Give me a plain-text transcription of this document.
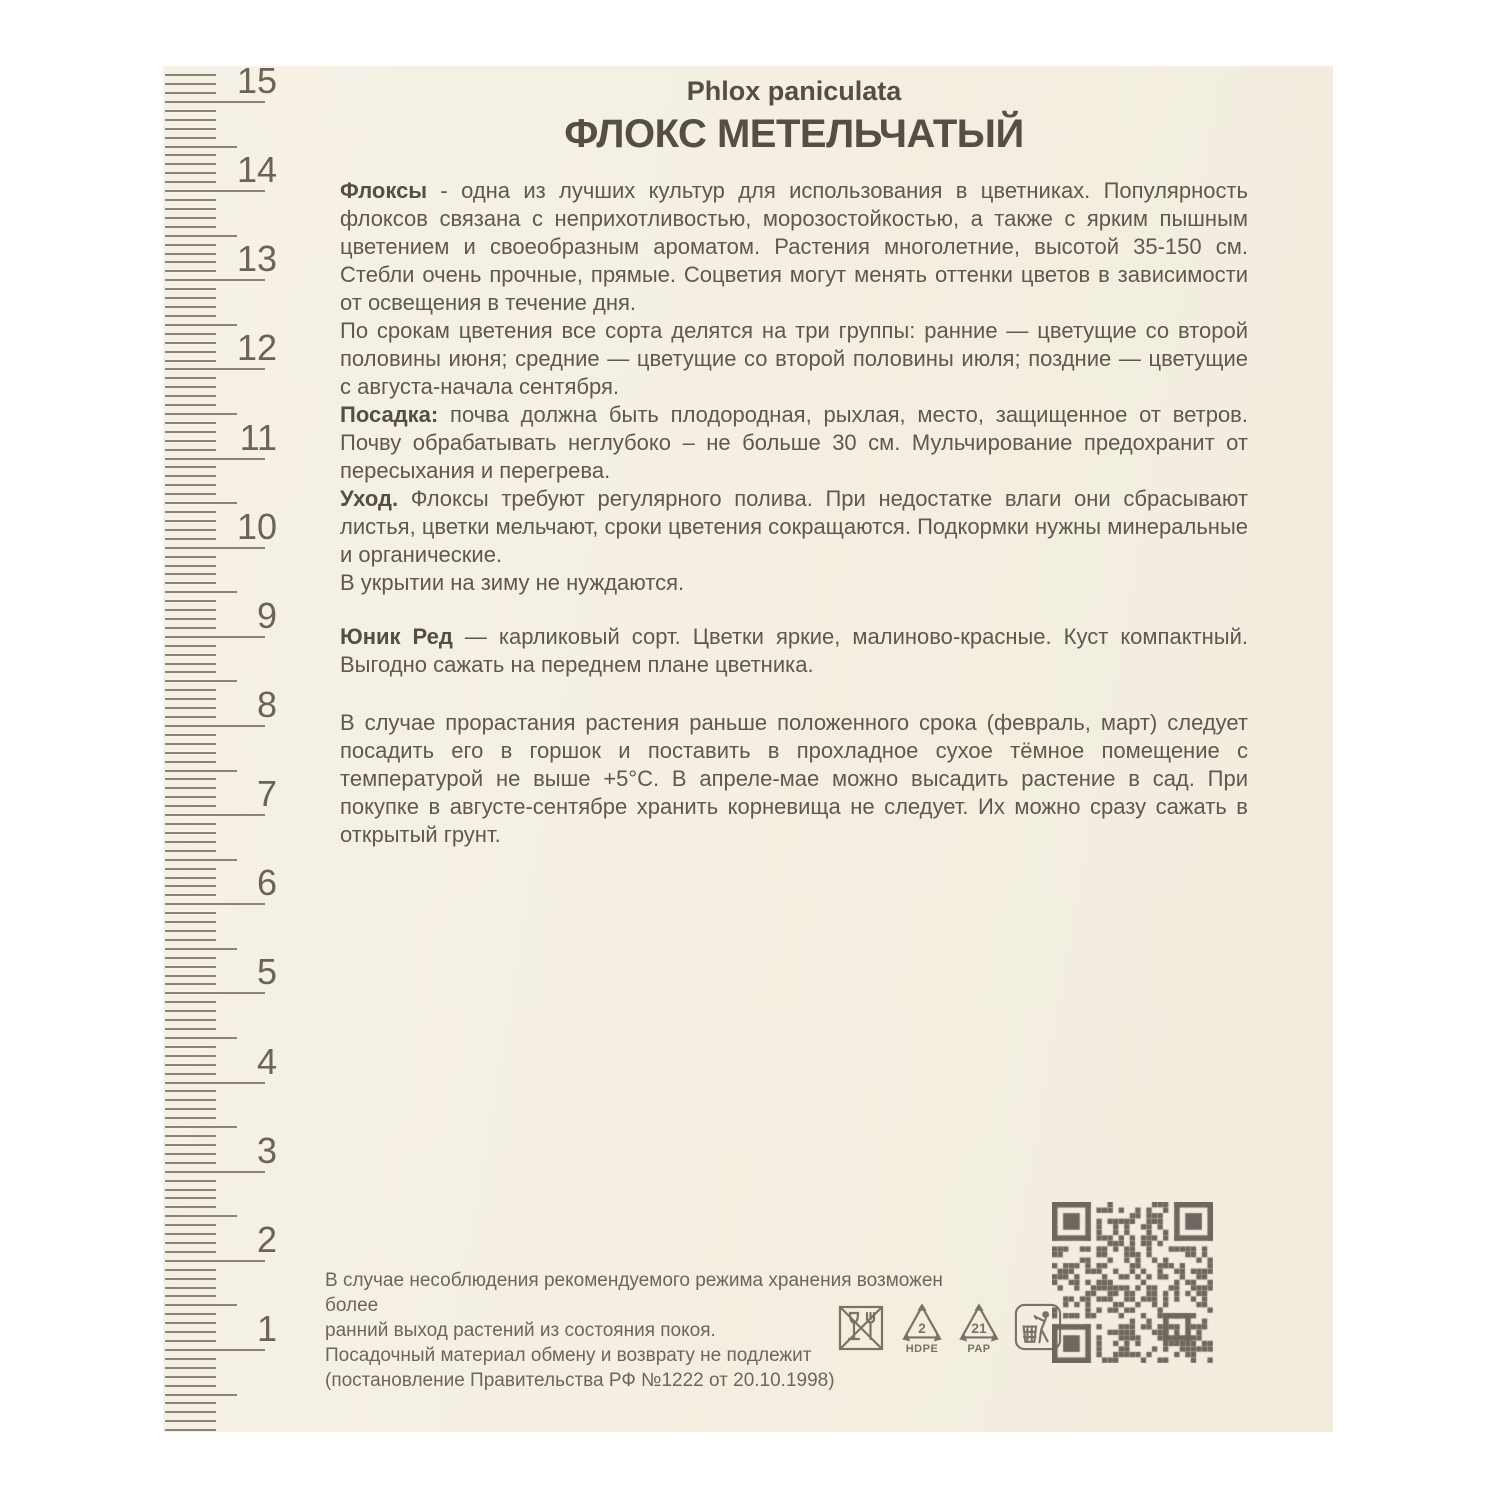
15
14
13
12
11
10
9
8
7
6
5
4
3
2
1
Phlox paniculata
ФЛОКС МЕТЕЛЬЧАТЫЙ

Флоксы - одна из лучших культур для использования в цветниках. Популярность флоксов связана с неприхотливостью, морозостойкостью, а также с ярким пышным цветением и своеобразным ароматом. Растения многолетние, высотой 35-150 см. Стебли очень прочные, прямые. Соцветия могут менять оттенки цветов в зависимости от освещения в течение дня.

По срокам цветения все сорта делятся на три группы: ранние — цветущие со второй половины июня; средние — цветущие со второй половины июля; поздние — цветущие с августа-начала сентября.

Посадка: почва должна быть плодородная, рыхлая, место, защищенное от ветров. Почву обрабатывать неглубоко – не больше 30 см. Мульчирование предохранит от пересыхания и перегрева.

Уход. Флоксы требуют регулярного полива. При недостатке влаги они сбрасывают листья, цветки мельчают, сроки цветения сокращаются. Подкормки нужны минеральные и органические.

В укрытии на зиму не нуждаются.

Юник Ред — карликовый сорт. Цветки яркие, малиново-красные. Куст компактный. Выгодно сажать на переднем плане цветника.

В случае прорастания растения раньше положенного срока (февраль, март) следует посадить его в горшок и поставить в прохладное сухое тёмное помещение с температурой не выше +5°С. В апреле-мае можно высадить растение в сад. При покупке в августе-сентябре хранить корневища не следует. Их можно сразу сажать в открытый грунт.

В случае несоблюдения рекомендуемого режима хранения возможен более
ранний выход растений из состояния покоя.
Посадочный материал обмену и возврату не подлежит
(постановление Правительства РФ №1222 от 20.10.1998)
2
HDPE
21
PAP
